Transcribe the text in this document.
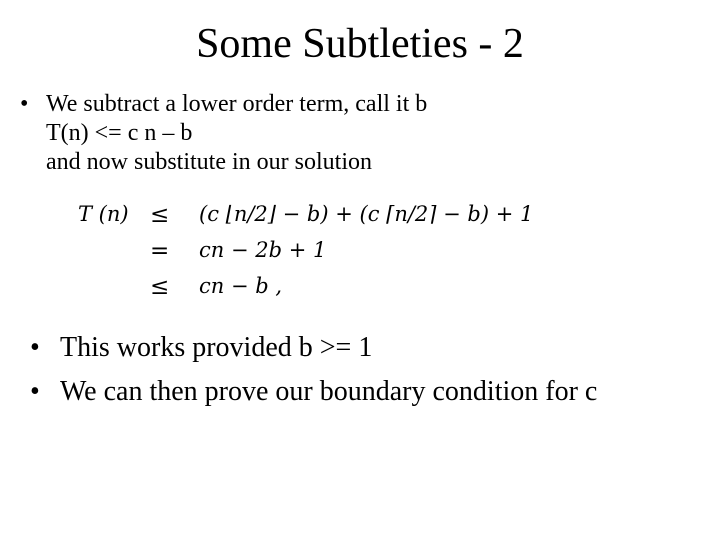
Some Subtleties - 2
• We subtract a lower order term, call it b
T(n) <= c n – b
and now substitute in our solution
T (n) ≤	(c ⌊n/2⌋ − b) + (c ⌈n/2⌉ − b) + 1
=	cn − 2b + 1
≤	cn − b ,
• This works provided b >= 1
• We can then prove our boundary condition for c
